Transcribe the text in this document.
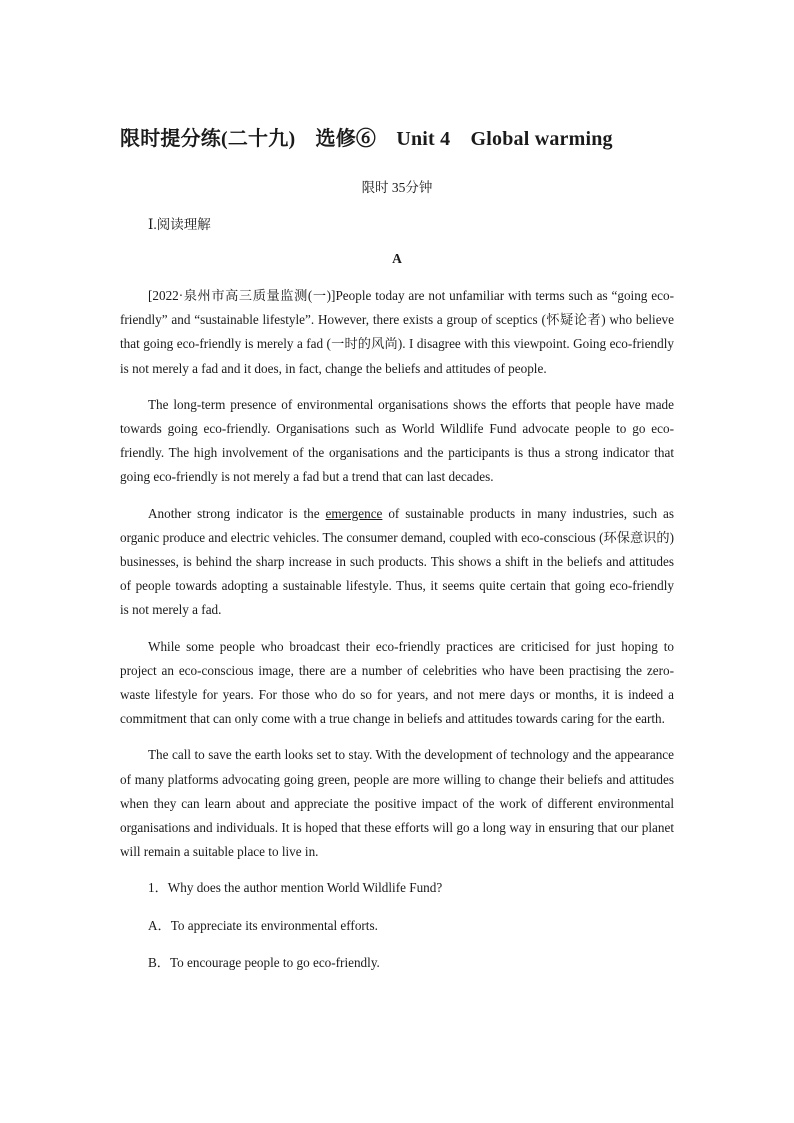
限时提分练(二十九)　选修⑥　Unit 4　Global warming
限时 35分钟
Ⅰ.阅读理解
A

[2022·泉州市高三质量监测(一)]People today are not unfamiliar with terms such as “going eco-friendly” and “sustainable lifestyle”. However, there exists a group of sceptics (怀疑论者) who believe that going eco-friendly is merely a fad (一时的风尚). I disagree with this viewpoint. Going eco-friendly is not merely a fad and it does, in fact, change the beliefs and attitudes of people.

The long-term presence of environmental organisations shows the efforts that people have made towards going eco-friendly. Organisations such as World Wildlife Fund advocate people to go eco-friendly. The high involvement of the organisations and the participants is thus a strong indicator that going eco-friendly is not merely a fad but a trend that can last decades.

Another strong indicator is the emergence of sustainable products in many industries, such as organic produce and electric vehicles. The consumer demand, coupled with eco-conscious (环保意识的) businesses, is behind the sharp increase in such products. This shows a shift in the beliefs and attitudes of people towards adopting a sustainable lifestyle. Thus, it seems quite certain that going eco-friendly　is not merely a fad.

While some people who broadcast their eco-friendly practices are criticised for just hoping to project an eco-conscious image, there are a number of celebrities who have been practising the zero-waste lifestyle for years. For those who do so for years, and not mere days or months, it is indeed a commitment that can only come with a true change in beliefs and attitudes towards caring for the earth.

The call to save the earth looks set to stay. With the development of technology and the appearance of many platforms advocating going green, people are more willing to change their beliefs and attitudes when they can learn about and appreciate the positive impact of the work of different environmental organisations and individuals. It is hoped that these efforts will go a long way in ensuring that our planet will remain a suitable place to live in.

1．Why does the author mention World Wildlife Fund?

A．To appreciate its environmental efforts.

B．To encourage people to go eco-friendly.
